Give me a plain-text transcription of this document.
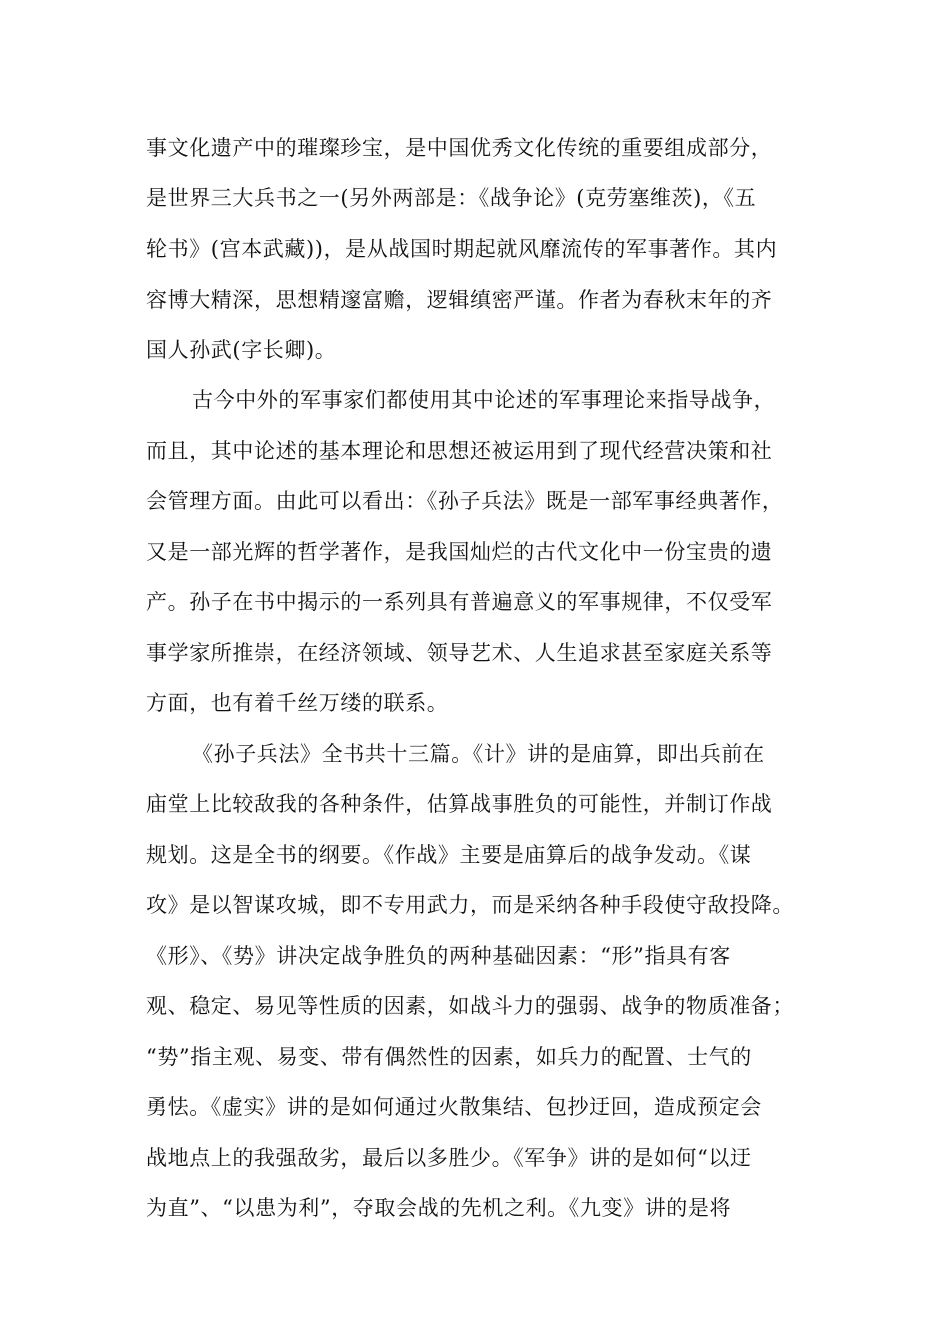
事文化遗产中的璀璨珍宝，是中国优秀文化传统的重要组成部分，
是世界三大兵书之一(另外两部是：《战争论》(克劳塞维茨)，《五
轮书》(宫本武藏))，是从战国时期起就风靡流传的军事著作。其内
容博大精深，思想精邃富赡，逻辑缜密严谨。作者为春秋末年的齐
国人孙武(字长卿)。
古今中外的军事家们都使用其中论述的军事理论来指导战争，
而且，其中论述的基本理论和思想还被运用到了现代经营决策和社
会管理方面。由此可以看出：《孙子兵法》既是一部军事经典著作，
又是一部光辉的哲学著作，是我国灿烂的古代文化中一份宝贵的遗
产。孙子在书中揭示的一系列具有普遍意义的军事规律，不仅受军
事学家所推崇，在经济领域、领导艺术、人生追求甚至家庭关系等
方面，也有着千丝万缕的联系。
《孙子兵法》全书共十三篇。《计》讲的是庙算，即出兵前在
庙堂上比较敌我的各种条件，估算战事胜负的可能性，并制订作战
规划。这是全书的纲要。《作战》主要是庙算后的战争发动。《谋
攻》是以智谋攻城，即不专用武力，而是采纳各种手段使守敌投降。
《形》、《势》讲决定战争胜负的两种基础因素：“形”指具有客
观、稳定、易见等性质的因素，如战斗力的强弱、战争的物质准备；
“势”指主观、易变、带有偶然性的因素，如兵力的配置、士气的
勇怯。《虚实》讲的是如何通过火散集结、包抄迂回，造成预定会
战地点上的我强敌劣，最后以多胜少。《军争》讲的是如何“以迂
为直”、“以患为利”，夺取会战的先机之利。《九变》讲的是将
